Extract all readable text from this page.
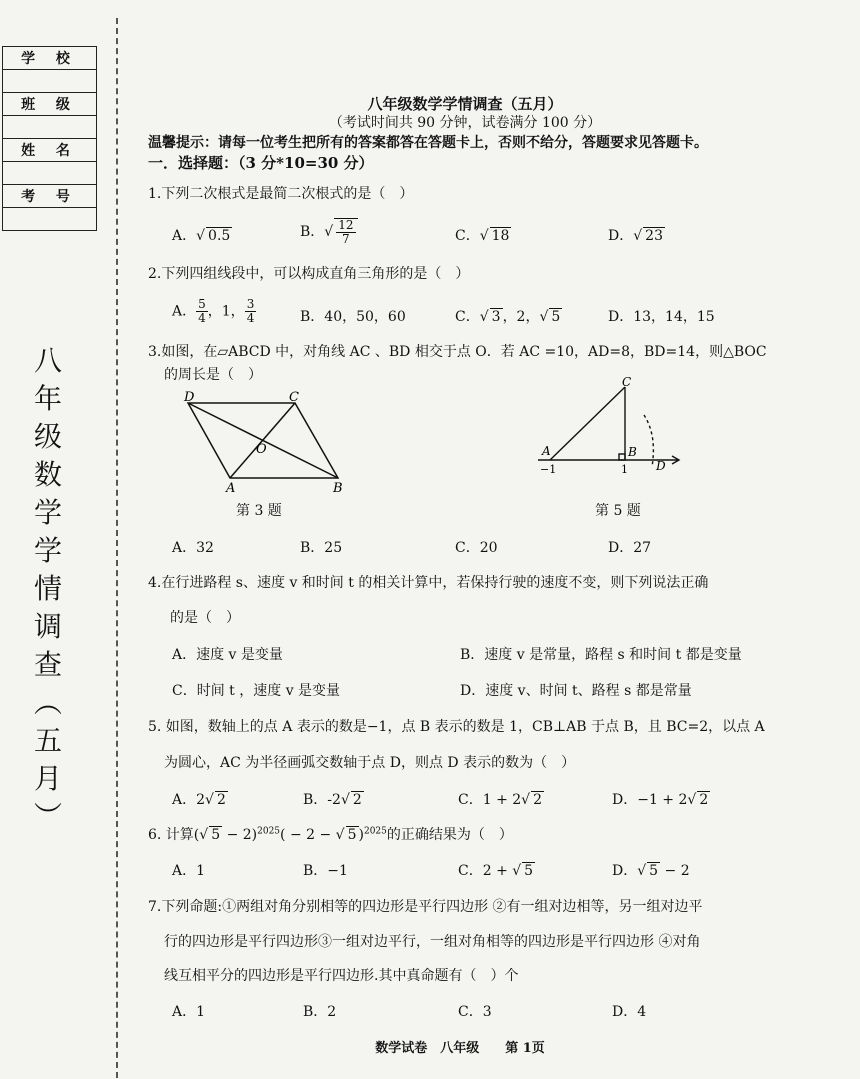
学 校

班 级

姓 名

考 号

八
年
级
数
学
学
情
调
查
︵
五
月
︶
八年级数学学情调查（五月）
（考试时间共 90 分钟，试卷满分 100 分）
温馨提示：请每一位考生把所有的答案都答在答题卡上，否则不给分，答题要求见答题卡。
一．选择题：（3 分*10=30 分）
1.下列二次根式是最简二次根式的是（　）
A．√ 0.5	B．√ $\frac{12}{7}$	C．√ 18	D．√ 23
2.下列四组线段中，可以构成直角三角形的是（　）
A． $\frac{5}{4}$ ，1， $\frac{3}{4}$	B．40，50，60	C．√ 3 ，2，√ 5	D．13，14，15
3.如图，在▱ABCD 中，对角线 AC 、BD 相交于点 O．若 AC =10，AD=8，BD=14，则△BOC
的周长是（　）
D	C
O
A	B
第 3 题
C
B
A
−1	1 D
第 5 题
A．32	B．25	C．20	D．27
4.在行进路程 s、速度 v 和时间 t 的相关计算中，若保持行驶的速度不变，则下列说法正确
的是（　）
A．速度 v 是变量	B．速度 v 是常量，路程 s 和时间 t 都是变量
C．时间 t ，速度 v 是变量	D．速度 v、时间 t、路程 s 都是常量
5. 如图，数轴上的点 A 表示的数是−1，点 B 表示的数是 1，CB⊥AB 于点 B，且 BC=2，以点 A
为圆心，AC 为半径画弧交数轴于点 D，则点 D 表示的数为（　）
A．2√ 2	B．-2√ 2	C．1 + 2√ 2	D．−1 + 2√ 2
6. 计算(√ 5 − 2)$^{2025}$( − 2 − √ 5 )$^{2025}$的正确结果为（　）
A．1	B．−1	C．2 + √ 5	D．√ 5 − 2
7.下列命题:①两组对角分别相等的四边形是平行四边形 ②有一组对边相等，另一组对边平
行的四边形是平行四边形③一组对边平行，一组对角相等的四边形是平行四边形 ④对角
线互相平分的四边形是平行四边形.其中真命题有（　）个
A．1	B．2	C．3	D．4
数学试卷　八年级　　第 1页
